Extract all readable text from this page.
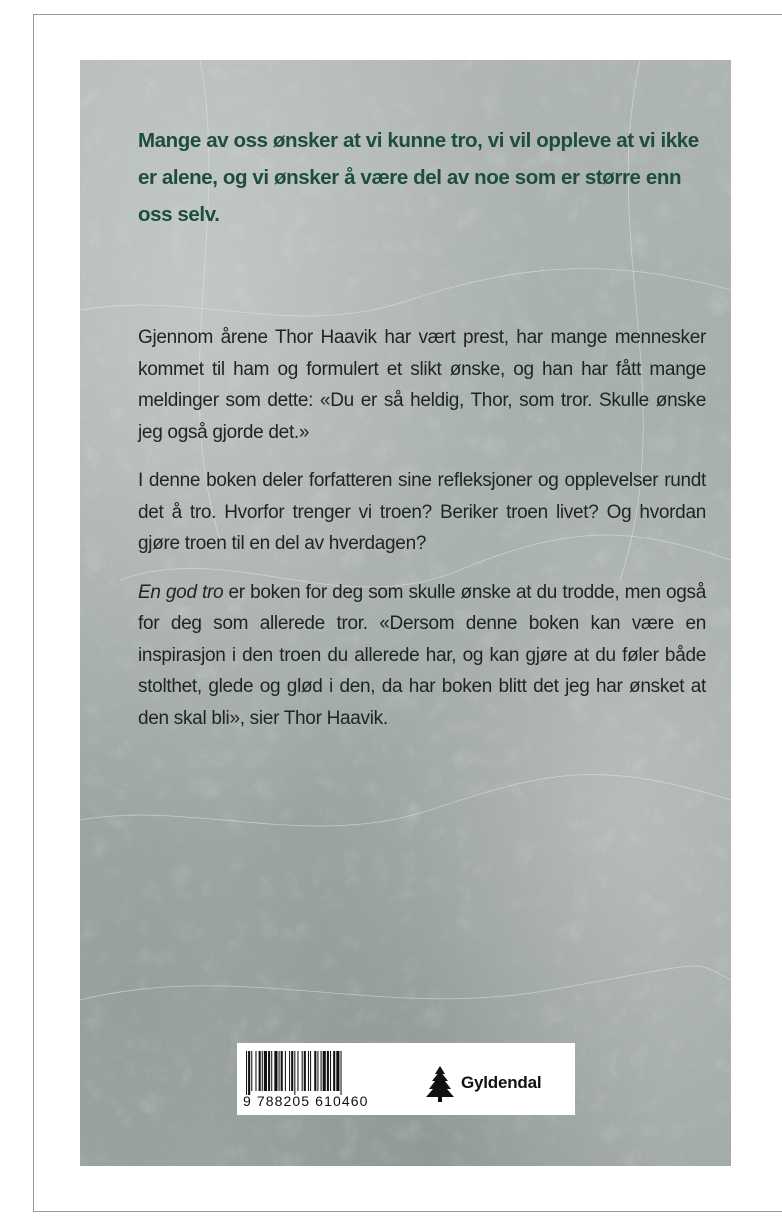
Mange av oss ønsker at vi kunne tro, vi vil oppleve at vi ikke er alene, og vi ønsker å være del av noe som er større enn oss selv.

Gjennom årene Thor Haavik har vært prest, har mange mennesker kommet til ham og formulert et slikt ønske, og han har fått mange meldinger som dette: «Du er så heldig, Thor, som tror. Skulle ønske jeg også gjorde det.»

I denne boken deler forfatteren sine refleksjoner og opplevelser rundt det å tro. Hvorfor trenger vi troen? Beriker troen livet? Og hvordan gjøre troen til en del av hverdagen?

En god tro er boken for deg som skulle ønske at du trodde, men også for deg som allerede tror. «Dersom denne boken kan være en inspirasjon i den troen du allerede har, og kan gjøre at du føler både stolthet, glede og glød i den, da har boken blitt det jeg har ønsket at den skal bli», sier Thor Haavik.

9 788205 610460
Gyldendal
